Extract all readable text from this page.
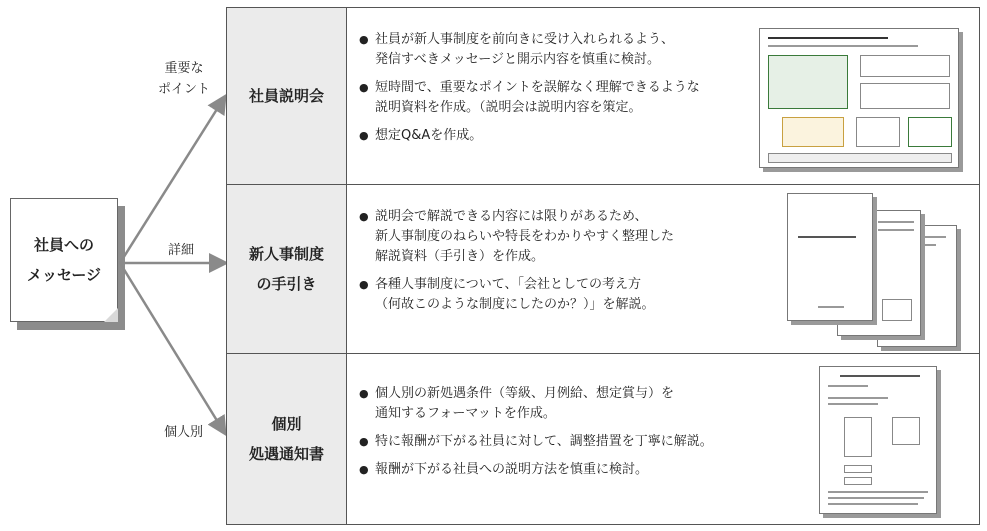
社員への
メッセージ
重要な
ポイント
詳細
個人別
社員説明会
● 社員が新人事制度を前向きに受け入れられるよう、
発信すべきメッセージと開示内容を慎重に検討。
● 短時間で、重要なポイントを誤解なく理解できるような
説明資料を作成。（説明会は説明内容を策定。
● 想定Q&Aを作成。
新人事制度
の手引き
● 説明会で解説できる内容には限りがあるため、
新人事制度のねらいや特長をわかりやすく整理した
解説資料（手引き）を作成。
● 各種人事制度について、「会社としての考え方
（何故このような制度にしたのか？）」を解説。
個別
処遇通知書
● 個人別の新処遇条件（等級、月例給、想定賞与）を
通知するフォーマットを作成。
● 特に報酬が下がる社員に対して、調整措置を丁寧に解説。
● 報酬が下がる社員への説明方法を慎重に検討。
